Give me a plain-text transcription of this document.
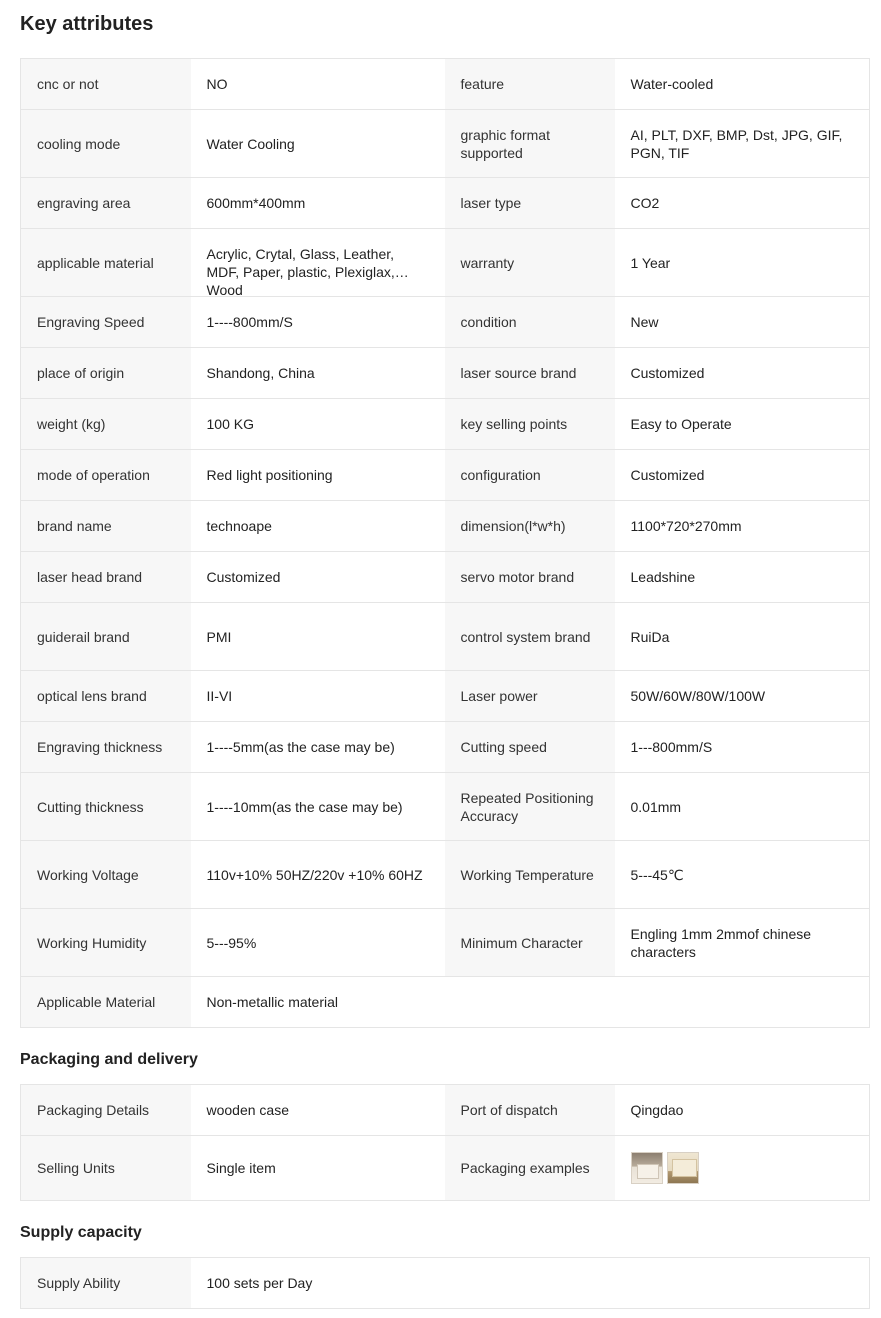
Key attributes
cnc or not	NO	feature	Water-cooled
cooling mode	Water Cooling	graphic format supported	AI, PLT, DXF, BMP, Dst, JPG, GIF, PGN, TIF

engraving area	600mm*400mm	laser type	CO2
applicable material	Acrylic, Crytal, Glass, Leather, MDF, Paper, plastic, Plexiglax, Wood	warranty	1 Year
Engraving Speed	1----800mm/S	condition	New
place of origin	Shandong, China	laser source brand	Customized
weight (kg)	100 KG	key selling points	Easy to Operate
mode of operation	Red light positioning	configuration	Customized
brand name	technoape	dimension(l*w*h)	1100*720*270mm
laser head brand	Customized	servo motor brand	Leadshine
guiderail brand	PMI	control system brand	RuiDa
optical lens brand	II-VI	Laser power	50W/60W/80W/100W
Engraving thickness	1----5mm(as the case may be)	Cutting speed	1---800mm/S
Cutting thickness	1----10mm(as the case may be)	Repeated Positioning Accuracy	0.01mm
Working Voltage	110v+10% 50HZ/220v +10% 60HZ	Working Temperature	5---45℃
Working Humidity	5---95%	Minimum Character	Engling 1mm 2mmof chinese characters

Applicable Material	Non-metallic material		
Packaging and delivery
Packaging Details	wooden case	Port of dispatch	Qingdao
Selling Units	Single item	Packaging examples	
Supply capacity
Supply Ability	100 sets per Day
